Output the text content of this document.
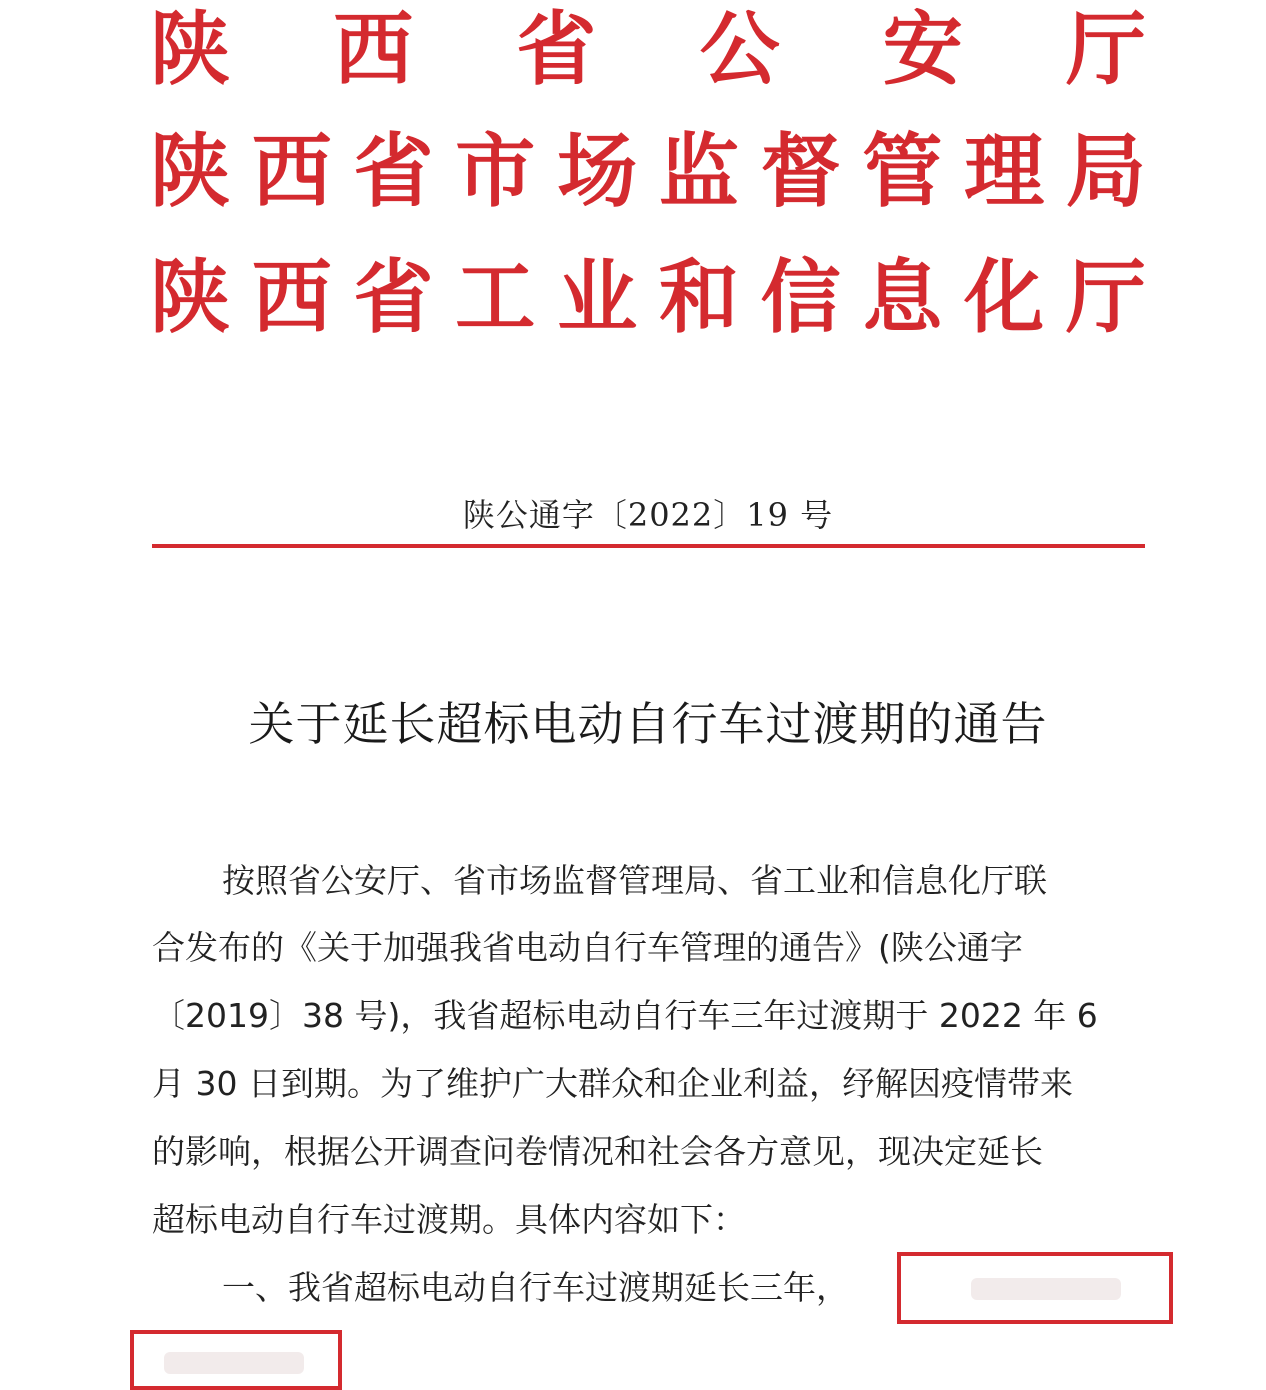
陕 西 省 公 安 厅
陕 西 省 市 场 监 督 管 理 局
陕 西 省 工 业 和 信 息 化 厅
陕公通字〔2022〕19 号
关于延长超标电动自行车过渡期的通告
按照省公安厅、省市场监督管理局、省工业和信息化厅联
合发布的《关于加强我省电动自行车管理的通告》(陕公通字
〔2019〕38 号)，我省超标电动自行车三年过渡期于 2022 年 6
月 30 日到期。为了维护广大群众和企业利益，纾解因疫情带来
的影响，根据公开调查问卷情况和社会各方意见，现决定延长
超标电动自行车过渡期。具体内容如下：
一、我省超标电动自行车过渡期延长三年，
